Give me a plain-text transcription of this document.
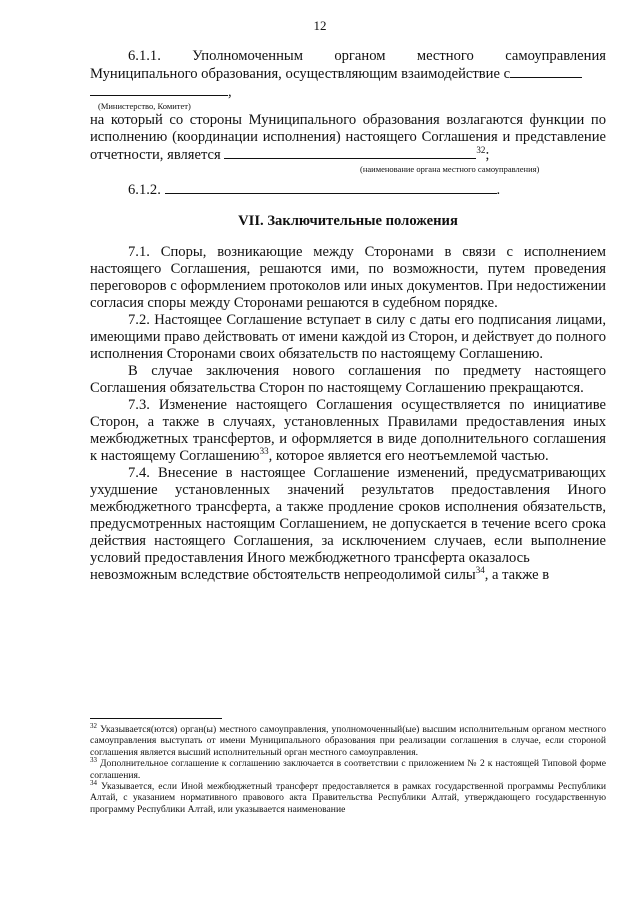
12

6.1.1. Уполномоченным органом местного самоуправления Муниципального образования, осуществляющим взаимодействие с

,

(Министерство, Комитет)

на который со стороны Муниципального образования возлагаются функции по исполнению (координации исполнения) настоящего Соглашения и представление отчетности, является	$^{32}$;

(наименование органа местного самоуправления)

6.1.2.	.

VII. Заключительные положения

7.1. Споры, возникающие между Сторонами в связи с исполнением настоящего Соглашения, решаются ими, по возможности, путем проведения переговоров с оформлением протоколов или иных документов. При недостижении согласия споры между Сторонами решаются в судебном порядке.

7.2. Настоящее Соглашение вступает в силу с даты его подписания лицами, имеющими право действовать от имени каждой из Сторон, и действует до полного исполнения Сторонами своих обязательств по настоящему Соглашению.

В случае заключения нового соглашения по предмету настоящего Соглашения обязательства Сторон по настоящему Соглашению прекращаются.

7.3. Изменение настоящего Соглашения осуществляется по инициативе Сторон, а также в случаях, установленных Правилами предоставления иных межбюджетных трансфертов, и оформляется в виде дополнительного соглашения к настоящему Соглашению$^{33}$, которое является его неотъемлемой частью.

7.4. Внесение в настоящее Соглашение изменений, предусматривающих ухудшение установленных значений результатов предоставления Иного межбюджетного трансферта, а также продление сроков исполнения обязательств, предусмотренных настоящим Соглашением, не допускается в течение всего срока действия настоящего Соглашения, за исключением случаев, если выполнение условий предоставления Иного межбюджетного трансферта оказалось

невозможным вследствие обстоятельств непреодолимой силы$^{34}$, а также в

$^{32}$ Указывается(ются) орган(ы) местного самоуправления, уполномоченный(ые) высшим исполнительным органом местного самоуправления выступать от имени Муниципального образования при реализации соглашения в случае, если стороной соглашения является высший исполнительный орган местного самоуправления.

$^{33}$ Дополнительное соглашение к соглашению заключается в соответствии с приложением № 2 к настоящей Типовой форме соглашения.

$^{34}$ Указывается, если Иной межбюджетный трансферт предоставляется в рамках государственной программы Республики Алтай, с указанием нормативного правового акта Правительства Республики Алтай, утверждающего государственную программу Республики Алтай, или указывается наименование
